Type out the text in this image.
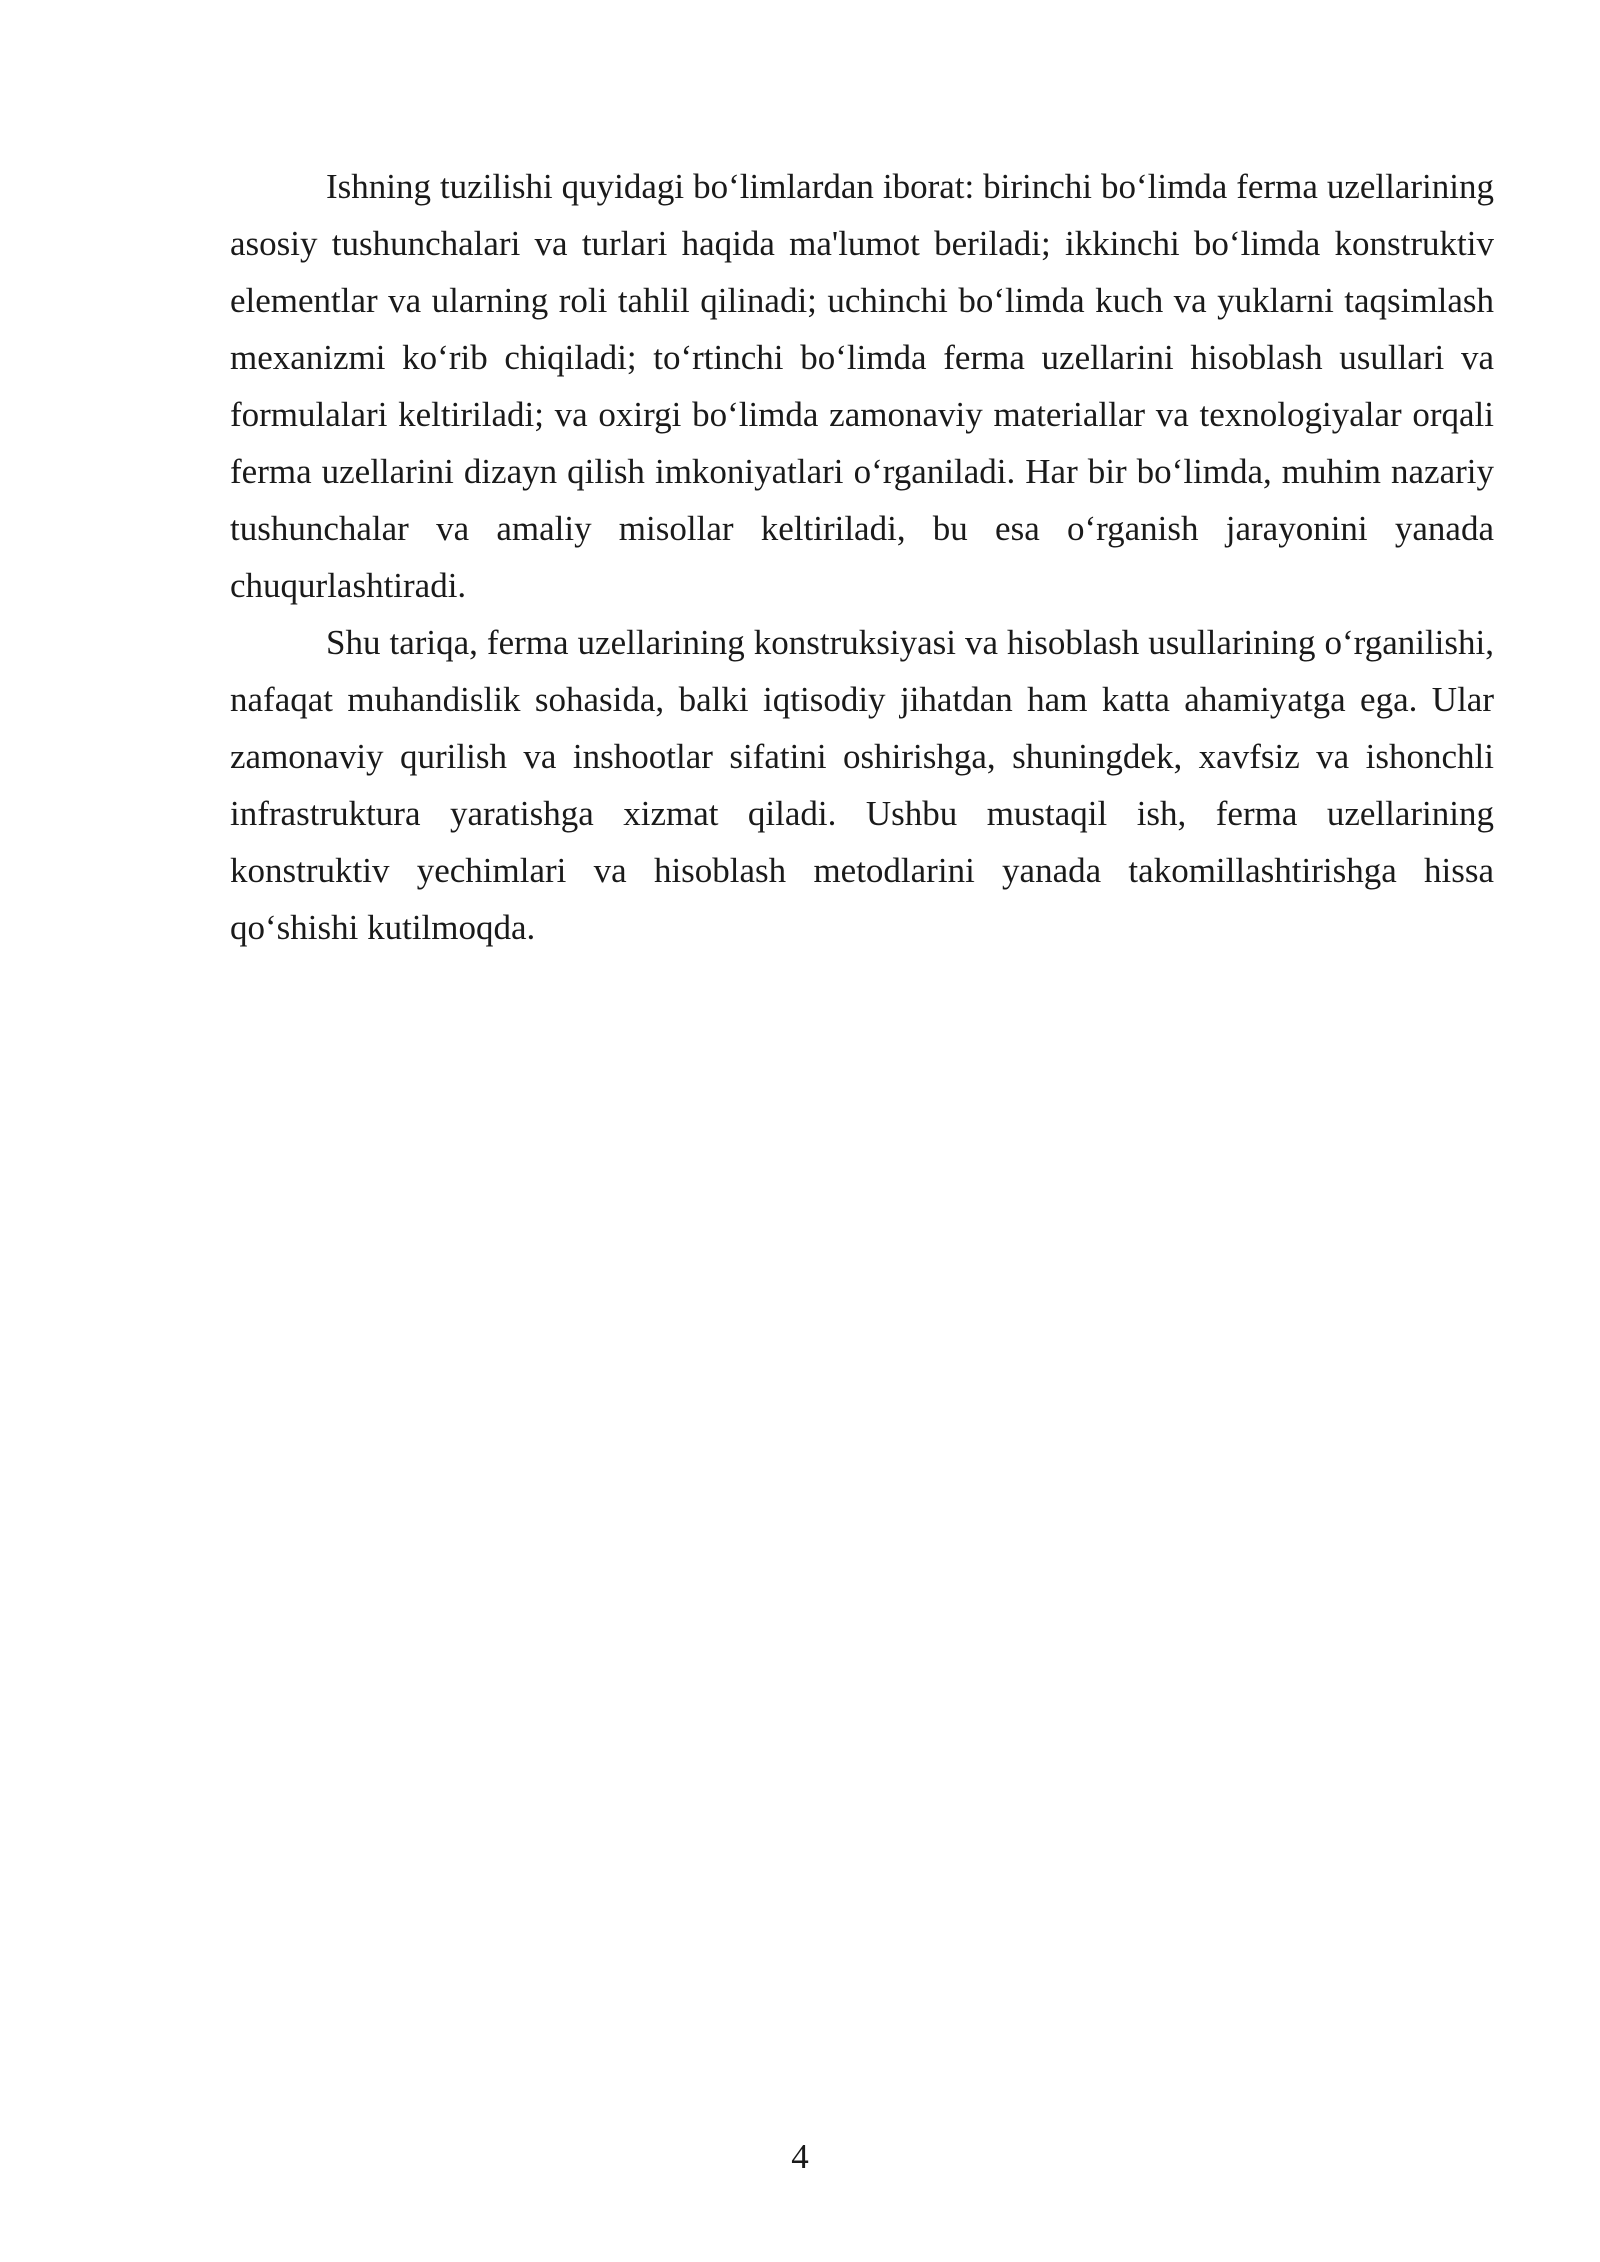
Ishning tuzilishi quyidagi bo‘limlardan iborat: birinchi bo‘limda ferma uzellarining asosiy tushunchalari va turlari haqida ma'lumot beriladi; ikkinchi bo‘limda konstruktiv elementlar va ularning roli tahlil qilinadi; uchinchi bo‘limda kuch va yuklarni taqsimlash mexanizmi ko‘rib chiqiladi; to‘rtinchi bo‘limda ferma uzellarini hisoblash usullari va formulalari keltiriladi; va oxirgi bo‘limda zamonaviy materiallar va texnologiyalar orqali ferma uzellarini dizayn qilish imkoniyatlari o‘rganiladi. Har bir bo‘limda, muhim nazariy tushunchalar va amaliy misollar keltiriladi, bu esa o‘rganish jarayonini yanada chuqurlashtiradi.

Shu tariqa, ferma uzellarining konstruksiyasi va hisoblash usullarining o‘rganilishi, nafaqat muhandislik sohasida, balki iqtisodiy jihatdan ham katta ahamiyatga ega. Ular zamonaviy qurilish va inshootlar sifatini oshirishga, shuningdek, xavfsiz va ishonchli infrastruktura yaratishga xizmat qiladi. Ushbu mustaqil ish, ferma uzellarining konstruktiv yechimlari va hisoblash metodlarini yanada takomillashtirishga hissa qo‘shishi kutilmoqda.

4
